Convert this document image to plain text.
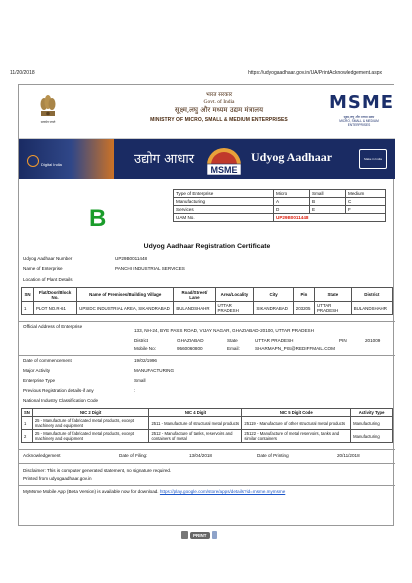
11/20/2018	https://udyogaadhaar.gov.in/UA/PrintAcknowledgement.aspx
सत्यमेव जयते
भारत सरकार
Govt. of India
सूक्ष्म,लघु और मध्यम उद्यम मंत्रालय
MINISTRY OF MICRO, SMALL & MEDIUM ENTERPRISES
MSME
सूक्ष्म,लघु और मध्यम उद्यम
MICRO, SMALL & MEDIUM ENTERPRISES
Digital India	उद्योग आधार
MSME
Udyog Aadhaar	Make in India
B
Type of Enterprise	Micro	Small	Medium
Manufacturing	A	B	C
Services	D	E	F
UAM No.	UP29B0011448		
Udyog Aadhaar Registration Certificate
Udyog Aadhaar Number	UP29B0011448
Name of Enterprise	PANCHI INDUSTRIAL SERVICES
Location of Plant Details
SN	Flat/Door/Block No.	Name of Premises/Building Village	Road/Street/ Lane	Area/Locality	City	Pin	State	District
1	PLOT NO.R-61	UPSIDC INDUSTRIAL AREA, SIKANDRABAD	BULANDSHAHR	UTTAR PRADESH	SIKANDRABAD	203205	UTTAR PRADESH	BULANDSHAHR
Official Address of Enterprise
133, NH-24, BYE PASS ROAD, VIJAY NAGAR, GHAZIABAD-20100, UTTAR PRADESH
District	GHAZIABAD	State	UTTAR PRADESH	PIN	201009
Mobile No:	9560060800	Email:	SHARMAPN_PIS@REDIFFMAIL.COM
Date of commencement	19/02/1996
Major Activity	MANUFACTURING
Enterprise Type	Small
Previous Registration details-if any	:
National Industry Classification Code
SN	NIC 2 Digit	NIC 4 Digit	NIC 5 Digit Code	Activity Type
1	25 - Manufacture of fabricated metal products, except machinery and equipment	2511 - Manufacture of structural metal products	25119 - Manufacture of other structural metal products	Manufacturing
2	25 - Manufacture of fabricated metal products, except machinery and equipment	2512 - Manufacture of tanks, reservoirs and containers of metal	25122 - Manufacture of metal reservoirs, tanks and similar containers	Manufacturing
Acknowledgement	Date of Filing:	13/04/2018	Date of Printing	20/11/2018
Disclaimer: This is computer generated statement, no signature required.
Printed from udyogaadhaar.gov.in
MyMsme Mobile App (Beta Version) is available now for download. https://play.google.com/store/apps/details?id=msme.mymsme
PRINT
